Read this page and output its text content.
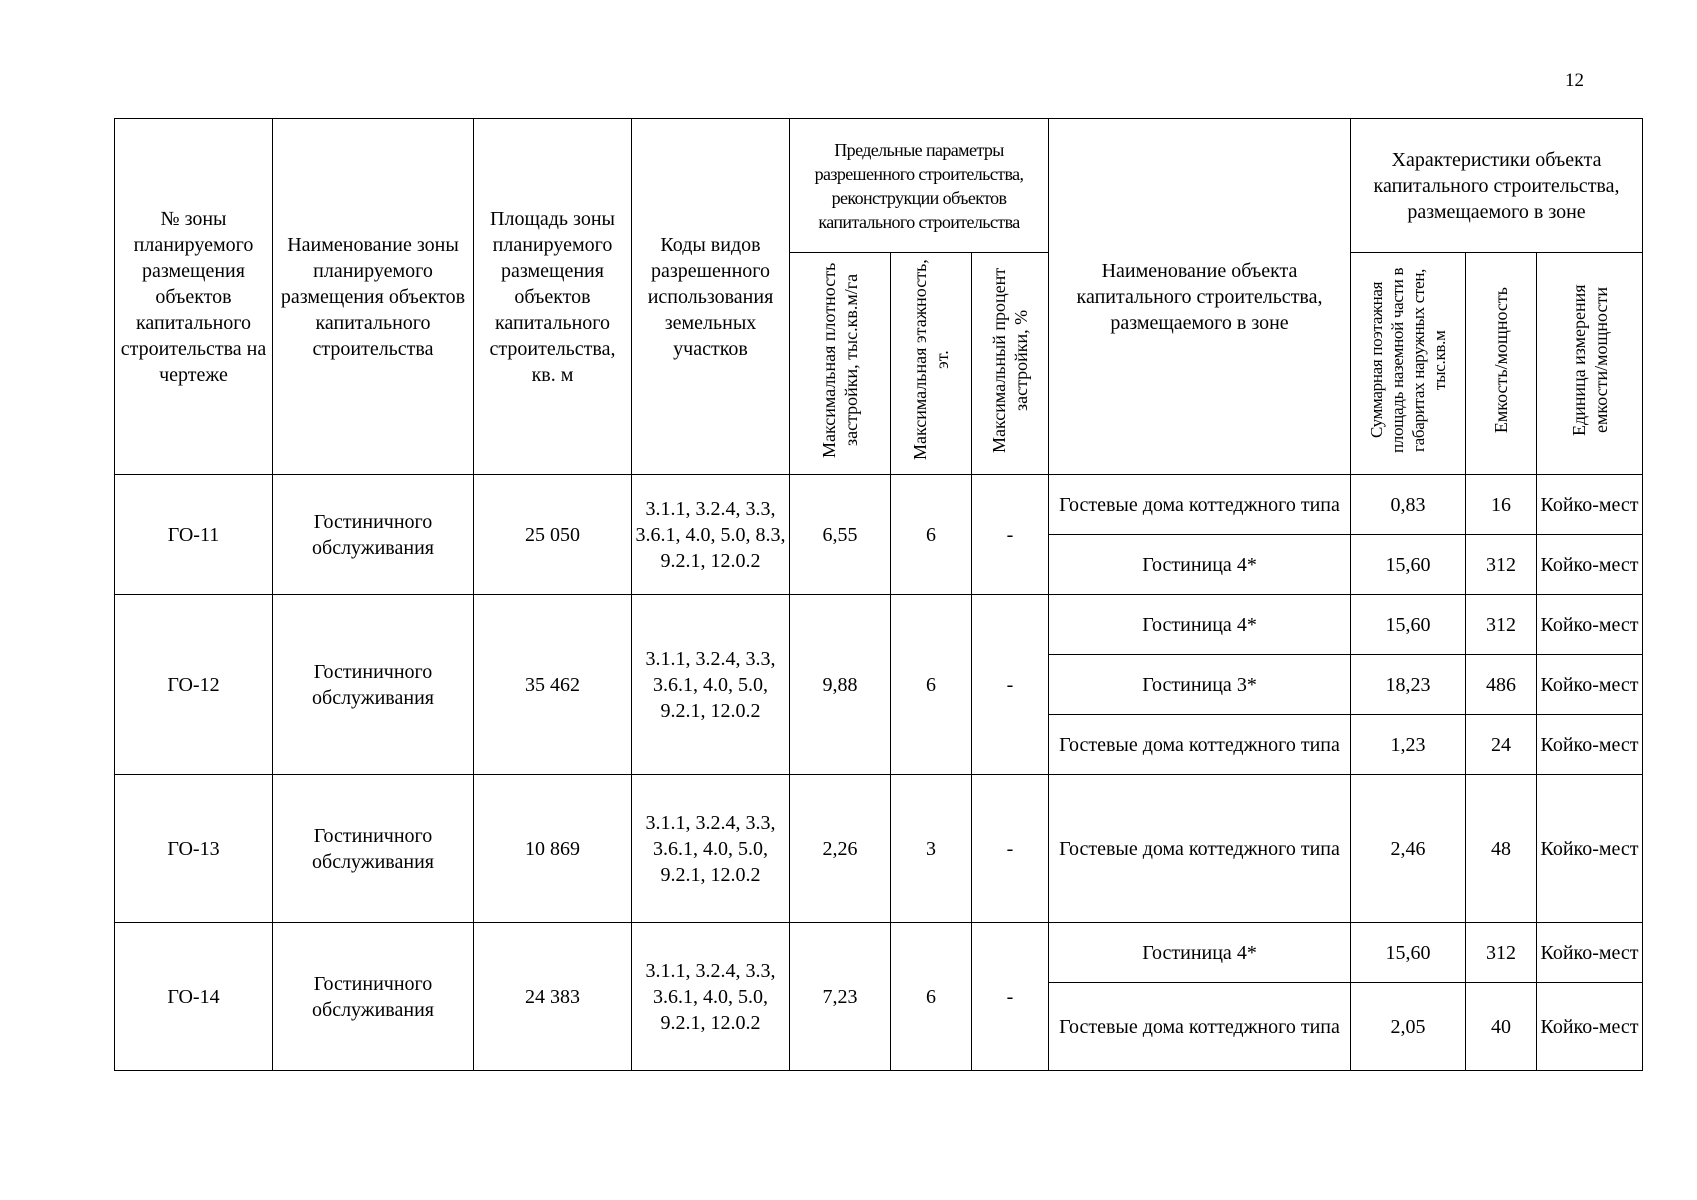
12
№ зоны планируемого размещения объектов капитального строительства на чертеже	Наименование зоны планируемого размещения объектов капитального строительства	Площадь зоны планируемого размещения объектов капитального строительства, кв. м	Коды видов разрешенного использования земельных участков	Предельные параметры разрешенного строительства, реконструкции объектов капитального строительства			Наименование объекта капитального строительства, размещаемого в зоне	Характеристики объекта капитального строительства, размещаемого в зоне		
				Максимальная плотность застройки, тыс.кв.м/га	Максимальная этажность, эт.	Максимальный процент застройки, %		Суммарная поэтажная площадь наземной части в габаритах наружных стен, тыс.кв.м	Емкость/мощность	Единица измерения емкости/мощности
ГО-11	Гостиничного обслуживания	25 050	3.1.1, 3.2.4, 3.3, 3.6.1, 4.0, 5.0, 8.3, 9.2.1, 12.0.2	6,55	6	-	Гостевые дома коттеджного типа	0,83	16	Койко-мест
							Гостиница 4*	15,60	312	Койко-мест
ГО-12	Гостиничного обслуживания	35 462	3.1.1, 3.2.4, 3.3, 3.6.1, 4.0, 5.0, 9.2.1, 12.0.2	9,88	6	-	Гостиница 4*	15,60	312	Койко-мест
							Гостиница 3*	18,23	486	Койко-мест
							Гостевые дома коттеджного типа	1,23	24	Койко-мест
ГО-13	Гостиничного обслуживания	10 869	3.1.1, 3.2.4, 3.3, 3.6.1, 4.0, 5.0, 9.2.1, 12.0.2	2,26	3	-	Гостевые дома коттеджного типа	2,46	48	Койко-мест
ГО-14	Гостиничного обслуживания	24 383	3.1.1, 3.2.4, 3.3, 3.6.1, 4.0, 5.0, 9.2.1, 12.0.2	7,23	6	-	Гостиница 4*	15,60	312	Койко-мест
							Гостевые дома коттеджного типа	2,05	40	Койко-мест
